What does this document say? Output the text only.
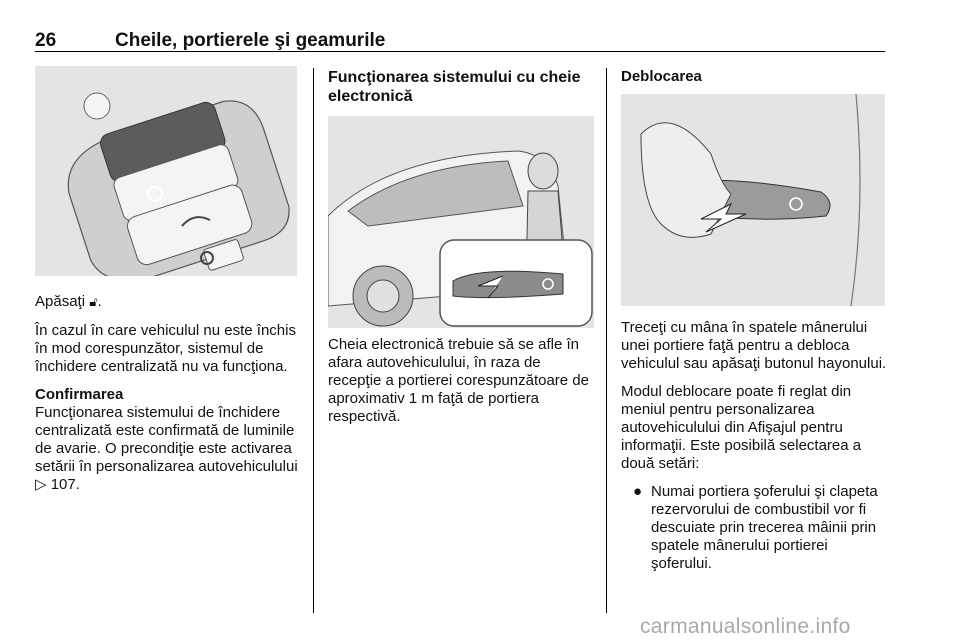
26	Cheile, portierele şi geamurile

Apăsaţi 🔓︎.

În cazul în care vehiculul nu este închis în mod corespunzător, sistemul de închidere centralizată nu va funcţiona.

Confirmarea

Funcţionarea sistemului de închidere centralizată este confirmată de luminile de avarie. O precondiţie este activarea setării în personalizarea autovehiculului ▷ 107.

Funcţionarea sistemului cu cheie electronică

Cheia electronică trebuie să se afle în afara autovehiculului, în raza de recepţie a portierei corespunzătoare de aproximativ 1 m faţă de portiera respectivă.

Deblocarea

Treceţi cu mâna în spatele mânerului unei portiere faţă pentru a debloca vehiculul sau apăsaţi butonul hayonului.

Modul deblocare poate fi reglat din meniul pentru personalizarea autovehiculului din Afişajul pentru informaţii. Este posibilă selectarea a două setări:

● Numai portiera şoferului şi clapeta rezervorului de combustibil vor fi descuiate prin trecerea mâinii prin spatele mânerului portierei şoferului.
carmanualsonline.info
